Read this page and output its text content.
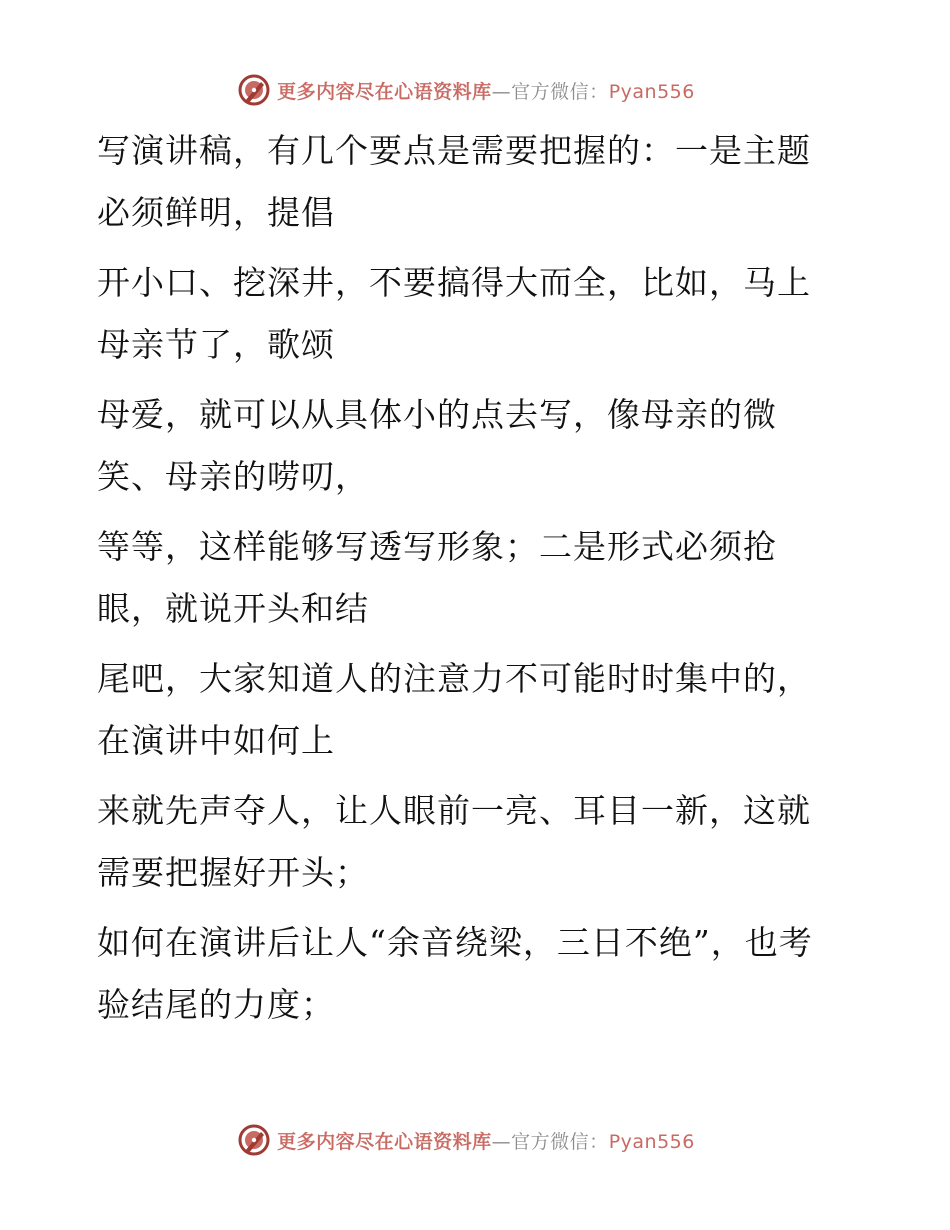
更多内容尽在心语资料库—官方微信：Pyan556

写演讲稿，有几个要点是需要把握的：一是主题必须鲜明，提倡

开小口、挖深井，不要搞得大而全，比如，马上母亲节了，歌颂

母爱，就可以从具体小的点去写，像母亲的微笑、母亲的唠叨，

等等，这样能够写透写形象；二是形式必须抢眼，就说开头和结

尾吧，大家知道人的注意力不可能时时集中的，在演讲中如何上

来就先声夺人，让人眼前一亮、耳目一新，这就需要把握好开头；

如何在演讲后让人“余音绕梁，三日不绝”，也考验结尾的力度；

更多内容尽在心语资料库—官方微信：Pyan556
